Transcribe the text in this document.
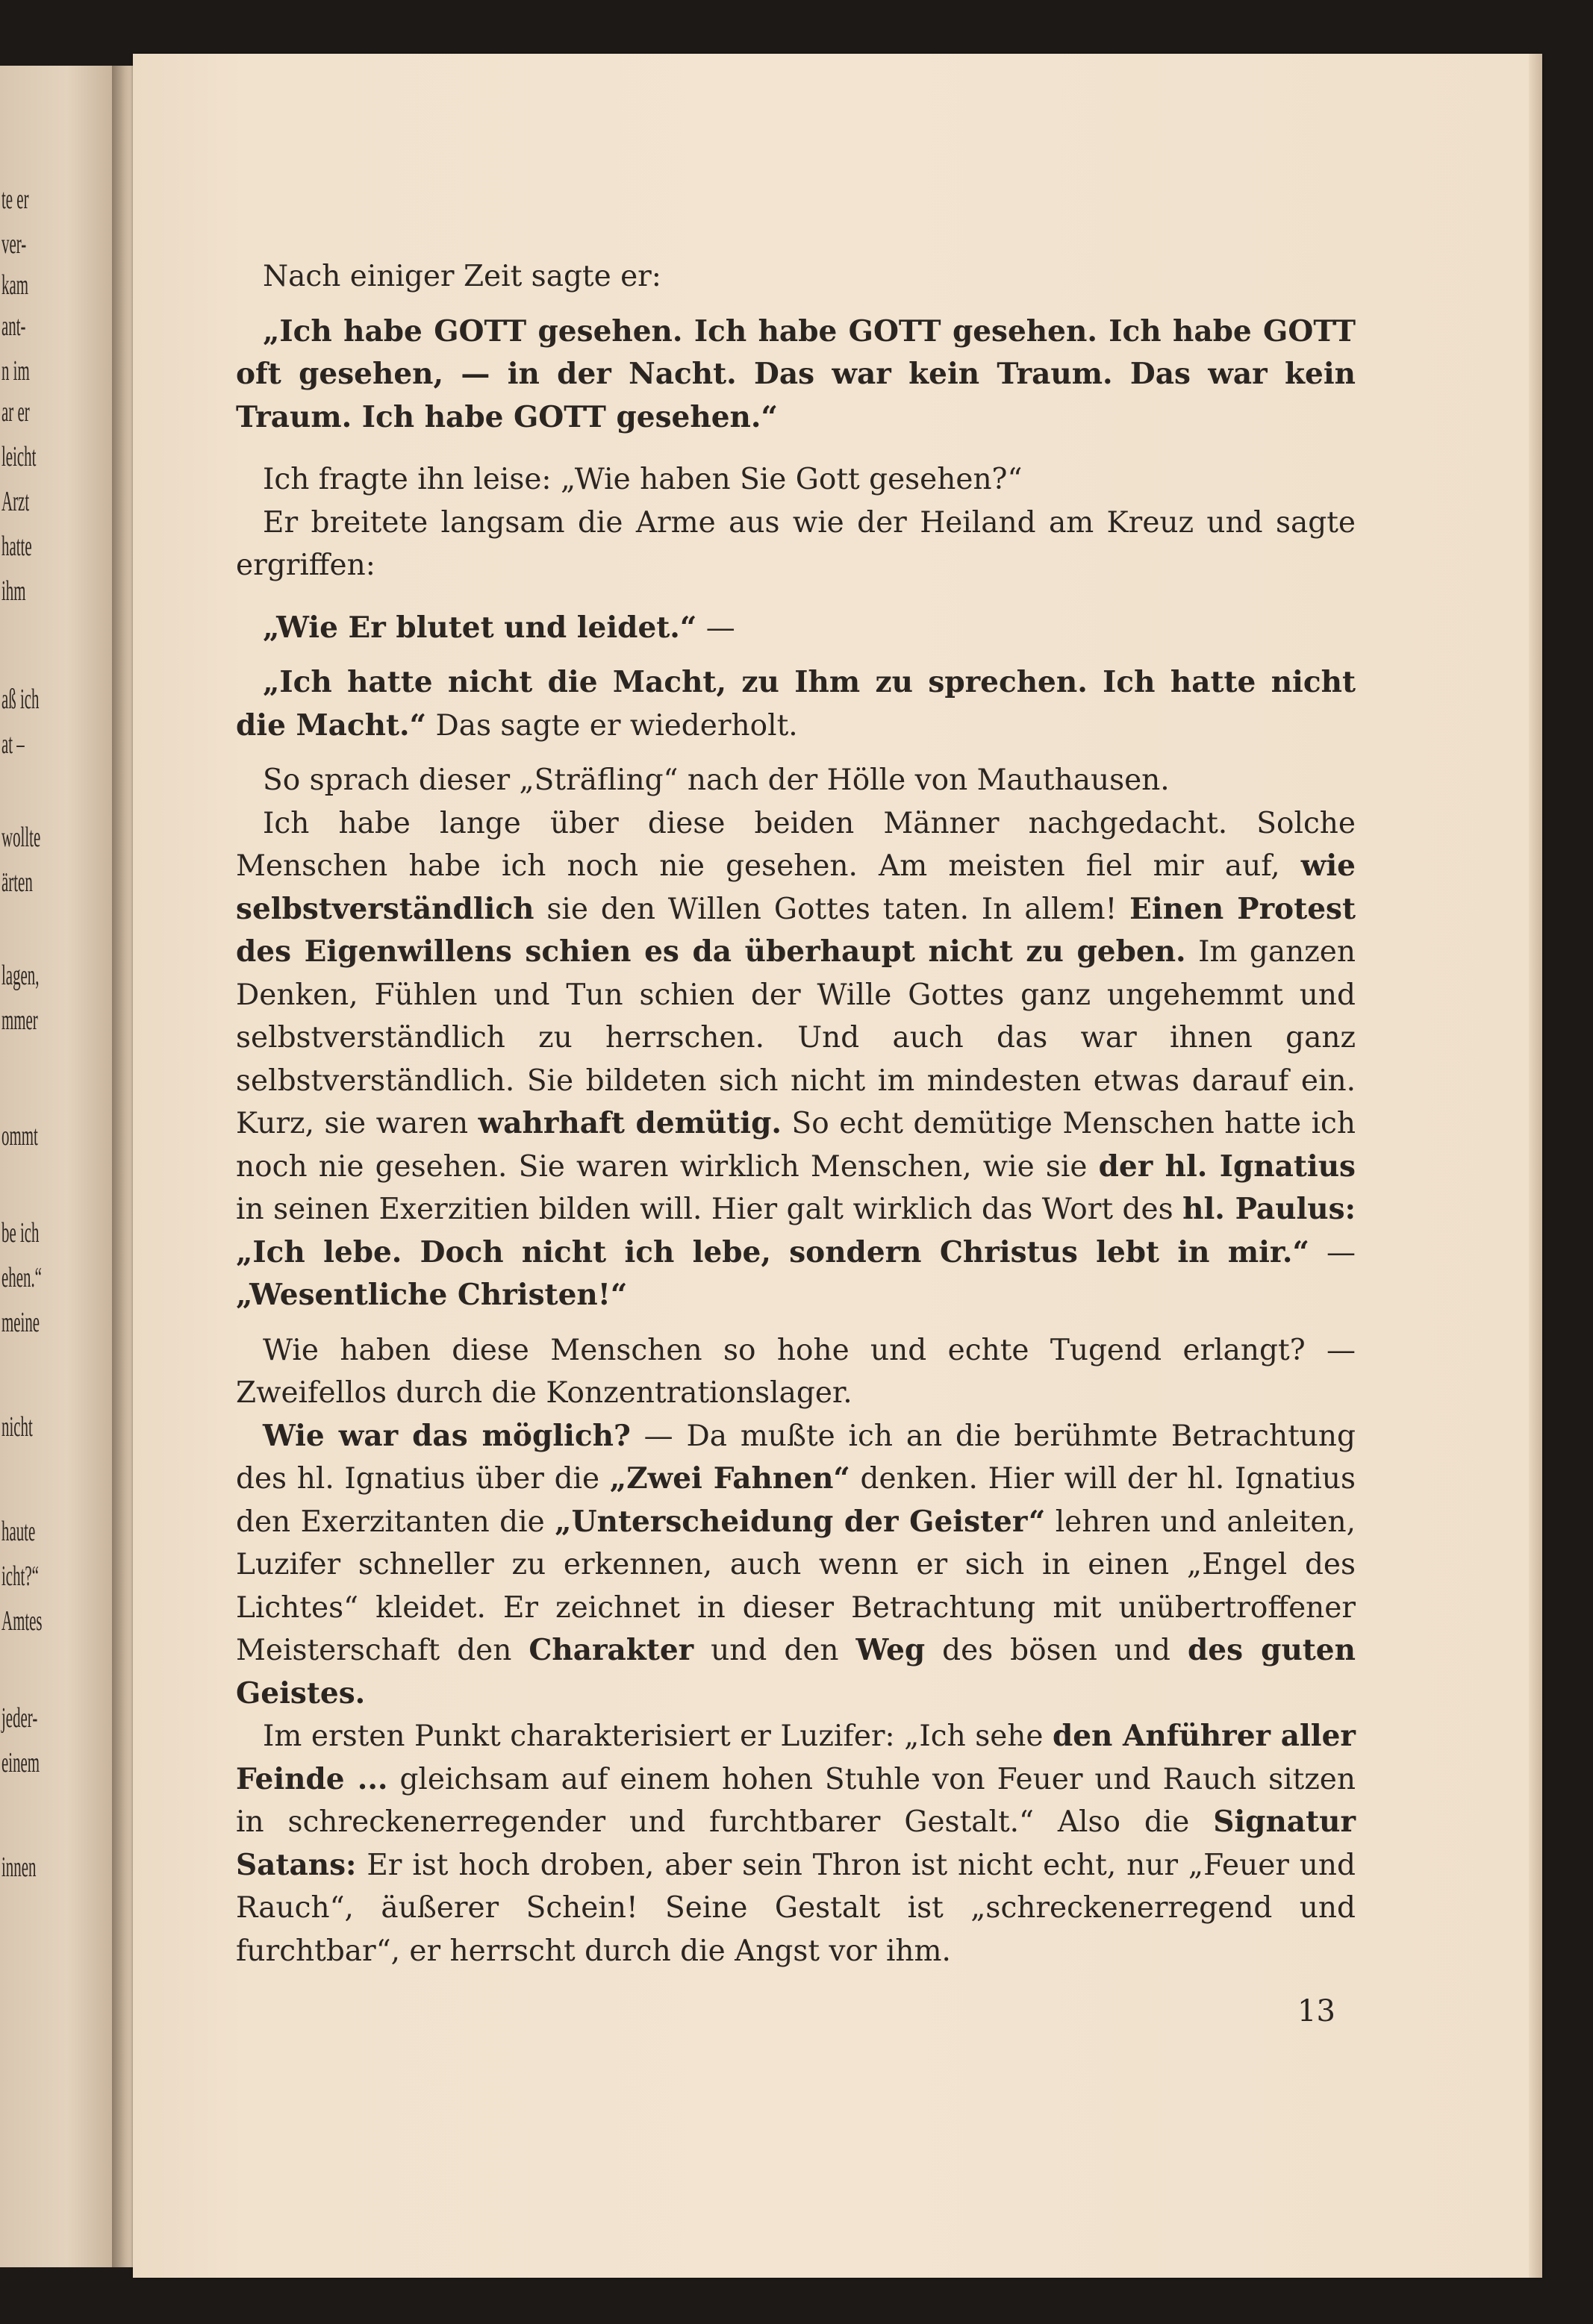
te er
ver-
kam
ant-
n im
ar er
leicht
Arzt
hatte
ihm
aß ich
at –
wollte
ärten
lagen,
mmer
ommt
be ich
ehen.“
meine
nicht
haute
icht?“
Amtes
jeder-
einem
innen

Nach einiger Zeit sagte er:

„Ich habe GOTT gesehen. Ich habe GOTT gesehen. Ich habe GOTT oft gesehen, — in der Nacht. Das war kein Traum. Das war kein Traum. Ich habe GOTT gesehen.“

Ich fragte ihn leise: „Wie haben Sie Gott gesehen?“

Er breitete langsam die Arme aus wie der Heiland am Kreuz und sagte ergriffen:

„Wie Er blutet und leidet.“ —

„Ich hatte nicht die Macht, zu Ihm zu sprechen. Ich hatte nicht die Macht.“ Das sagte er wiederholt.

So sprach dieser „Sträfling“ nach der Hölle von Mauthausen.

Ich habe lange über diese beiden Männer nachgedacht. Solche Menschen habe ich noch nie gesehen. Am meisten fiel mir auf, wie selbstverständlich sie den Willen Gottes taten. In allem! Einen Protest des Eigenwillens schien es da überhaupt nicht zu geben. Im ganzen Denken, Fühlen und Tun schien der Wille Gottes ganz ungehemmt und selbstverständlich zu herrschen. Und auch das war ihnen ganz selbstverständlich. Sie bildeten sich nicht im mindesten etwas darauf ein. Kurz, sie waren wahrhaft demütig. So echt demütige Menschen hatte ich noch nie gesehen. Sie waren wirklich Menschen, wie sie der hl. Ignatius in seinen Exerzitien bilden will. Hier galt wirklich das Wort des hl. Paulus: „Ich lebe. Doch nicht ich lebe, sondern Christus lebt in mir.“ — „Wesentliche Christen!“

Wie haben diese Menschen so hohe und echte Tugend erlangt? — Zweifellos durch die Konzentrationslager.

Wie war das möglich? — Da mußte ich an die berühmte Betrachtung des hl. Ignatius über die „Zwei Fahnen“ denken. Hier will der hl. Ignatius den Exerzitanten die „Unterscheidung der Geister“ lehren und anleiten, Luzifer schneller zu erkennen, auch wenn er sich in einen „Engel des Lichtes“ kleidet. Er zeichnet in dieser Betrachtung mit unübertroffener Meisterschaft den Charakter und den Weg des bösen und des guten Geistes.

Im ersten Punkt charakterisiert er Luzifer: „Ich sehe den Anführer aller Feinde ... gleichsam auf einem hohen Stuhle von Feuer und Rauch sitzen in schreckenerregender und furchtbarer Gestalt.“ Also die Signatur Satans: Er ist hoch droben, aber sein Thron ist nicht echt, nur „Feuer und Rauch“, äußerer Schein! Seine Gestalt ist „schreckenerregend und furchtbar“, er herrscht durch die Angst vor ihm.

13
